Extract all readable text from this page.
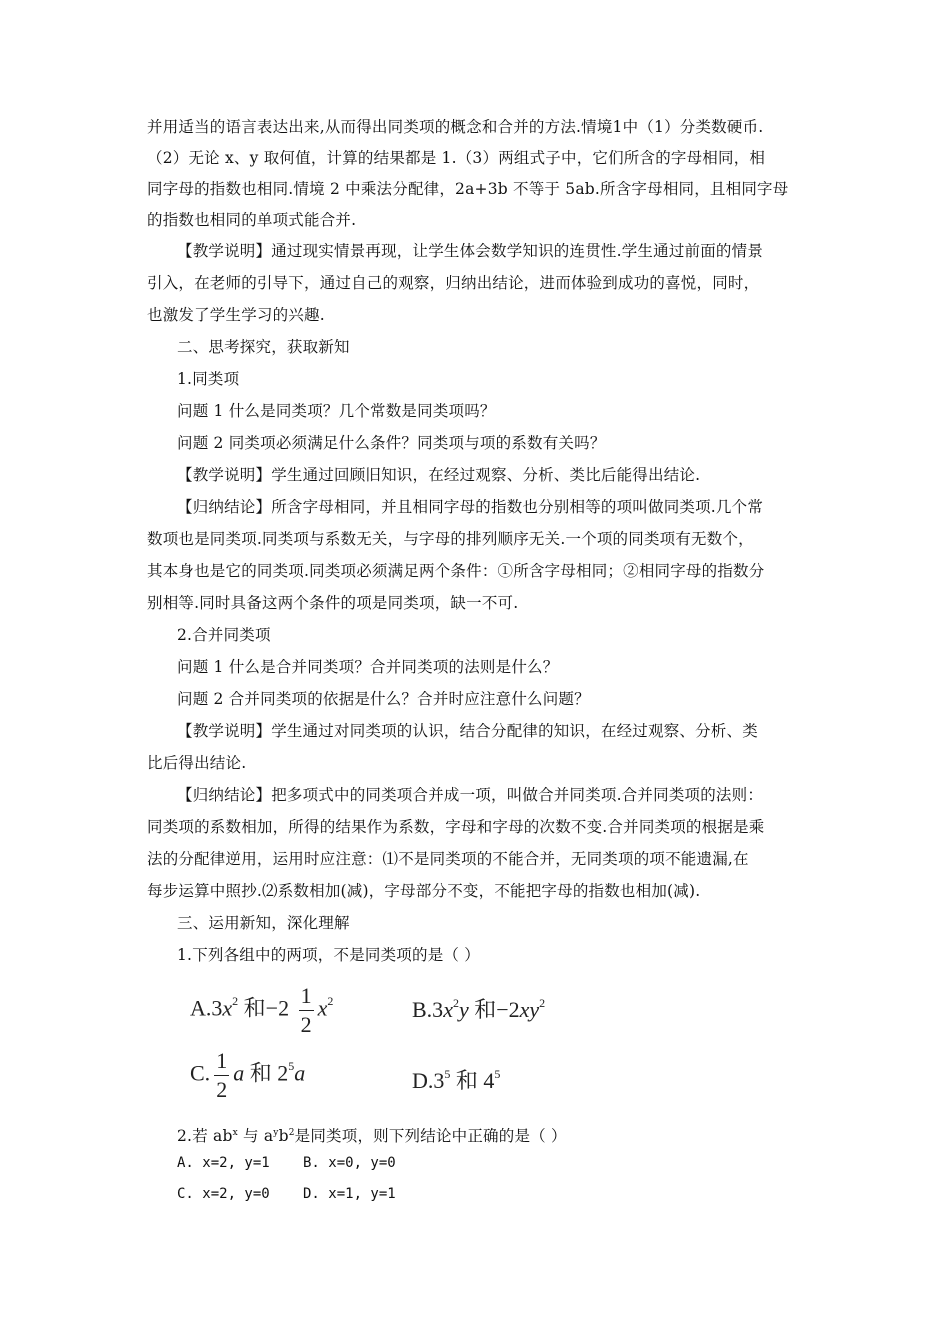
并用适当的语言表达出来,从而得出同类项的概念和合并的方法.情境1中（1）分类数硬币.
（2）无论 x、y 取何值，计算的结果都是 1.（3）两组式子中，它们所含的字母相同，相
同字母的指数也相同.情境 2 中乘法分配律，2a+3b 不等于 5ab.所含字母相同，且相同字母
的指数也相同的单项式能合并.
【教学说明】通过现实情景再现，让学生体会数学知识的连贯性.学生通过前面的情景
引入，在老师的引导下，通过自己的观察，归纳出结论，进而体验到成功的喜悦，同时，
也激发了学生学习的兴趣.
二、思考探究，获取新知
1.同类项
问题 1 什么是同类项？几个常数是同类项吗？
问题 2 同类项必须满足什么条件？同类项与项的系数有关吗？
【教学说明】学生通过回顾旧知识，在经过观察、分析、类比后能得出结论.
【归纳结论】所含字母相同，并且相同字母的指数也分别相等的项叫做同类项.几个常
数项也是同类项.同类项与系数无关，与字母的排列顺序无关.一个项的同类项有无数个，
其本身也是它的同类项.同类项必须满足两个条件：①所含字母相同；②相同字母的指数分
别相等.同时具备这两个条件的项是同类项，缺一不可.
2.合并同类项
问题 1 什么是合并同类项？合并同类项的法则是什么？
问题 2 合并同类项的依据是什么？合并时应注意什么问题？
【教学说明】学生通过对同类项的认识，结合分配律的知识，在经过观察、分析、类
比后得出结论.
【归纳结论】把多项式中的同类项合并成一项，叫做合并同类项.合并同类项的法则：
同类项的系数相加，所得的结果作为系数，字母和字母的次数不变.合并同类项的根据是乘
法的分配律逆用，运用时应注意：⑴不是同类项的不能合并，无同类项的项不能遗漏,在
每步运算中照抄.⑵系数相加(减)，字母部分不变，不能把字母的指数也相加(减).
三、运用新知，深化理解
1.下列各组中的两项，不是同类项的是（ ）
$A.3x^2$ 和$-2 \frac{1}{2} x^2$	$B.3x^2y$ 和$-2xy^2$
C. $\frac{1}{2}$ a 和 $2^5a$	$D.3^5$ 和 $4^5$
2.若 $ab^x$ 与 $a^yb^2$是同类项，则下列结论中正确的是（ ）
A. x=2, y=1 B. x=0, y=0
C. x=2, y=0 D. x=1, y=1
